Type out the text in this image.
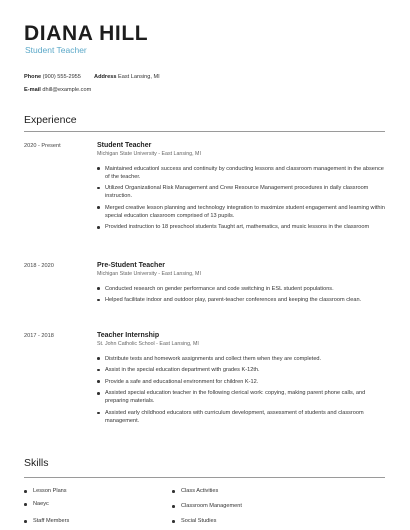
DIANA HILL
Student Teacher
Phone (900) 555-2955 Address East Lansing, MI
E-mail dhill@example.com
Experience
2020 - Present	Student Teacher
Michigan State University - East Lansing, MI
Maintained educationl success and continuity by conducting lessons and classroom management in the absence of the teacher.
Utilized Organizational Risk Management and Crew Resource Management procedures in daily classroom instruction.
Merged creative lesson planning and technology integration to maximize student engagement and learning within special education classroom comprised of 13 pupils.
Provided instruction to 18 preschool students Taught art, mathematics, and music lessons in the classroom
2018 - 2020	Pre-Student Teacher
Michigan State University - East Lansing, MI
Conducted research on gender performance and code switching in ESL student populations.
Helped facilitate indoor and outdoor play, parent-teacher conferences and keeping the classroom clean.
2017 - 2018	Teacher Internship
St. John Catholic School - East Lansing, MI
Distribute tests and homework assignments and collect them when they are completed.
Assist in the special education department with grades K-12th.
Provide a safe and educational environment for children K-12.
Assisted special education teacher in the following clerical work: copying, making parent phone calls, and preparing materials.
Assisted early childhood educators with curriculum development, assessment of students and classroom management.
Skills
Lesson Plans
Naeyc
Staff Members
Class Activities
Classroom Management
Social Studies
